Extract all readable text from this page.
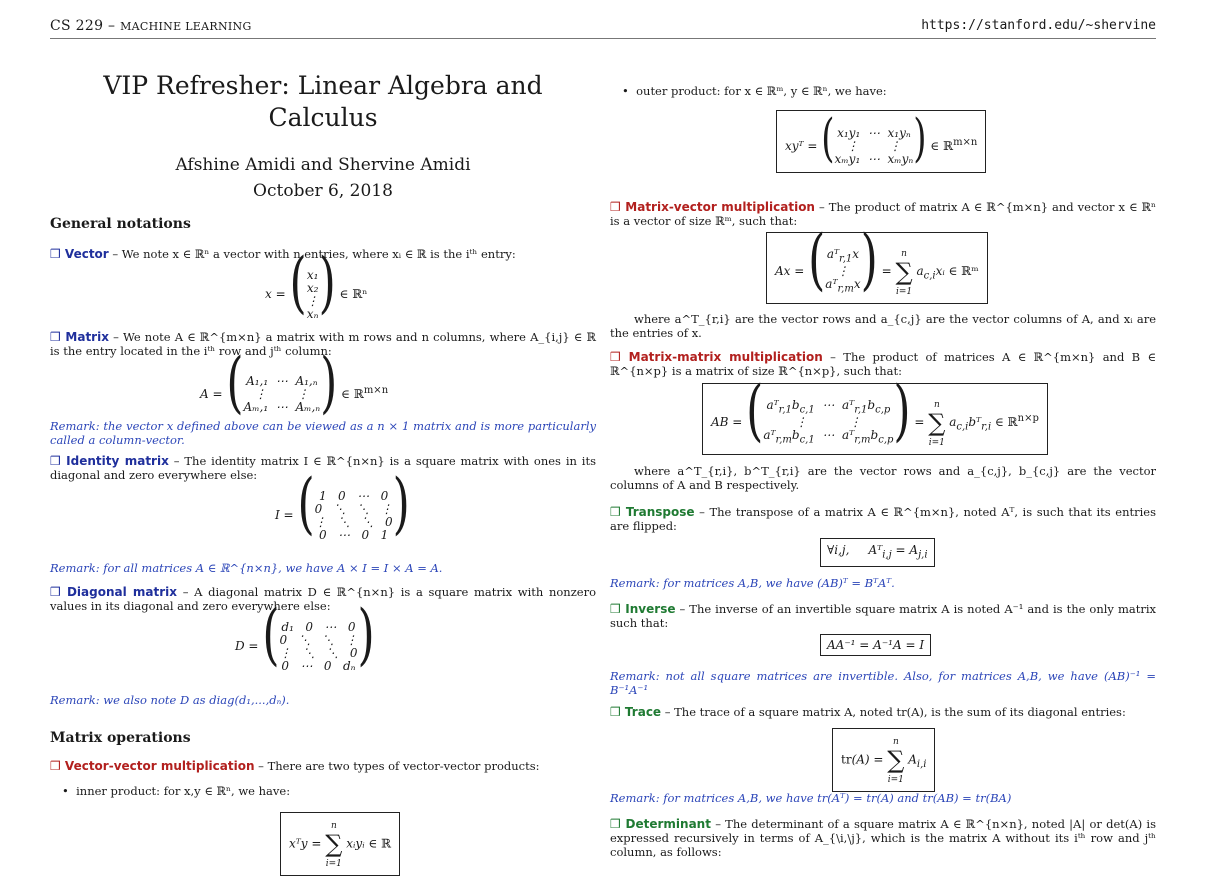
CS 229 – MACHINE LEARNING	https://stanford.edu/~shervine
VIP Refresher: Linear Algebra and Calculus
Afshine Amidi and Shervine Amidi
October 6, 2018
General notations
❒ Vector – We note x ∈ ℝⁿ a vector with n entries, where xᵢ ∈ ℝ is the iᵗʰ entry:
x = (x₁
x₂
⋮
xₙ) ∈ ℝⁿ
❒ Matrix – We note A ∈ ℝ^{m×n} a matrix with m rows and n columns, where A_{i,j} ∈ ℝ is the entry located in the iᵗʰ row and jᵗʰ column:
A = ( A₁,₁  ⋯  A₁,ₙ
⋮        ⋮
Aₘ,₁  ⋯  Aₘ,ₙ) ∈ ℝ$^{m\times n}$
Remark: the vector x defined above can be viewed as a n × 1 matrix and is more particularly called a column-vector.
❒ Identity matrix – The identity matrix I ∈ ℝ^{n×n} is a square matrix with ones in its diagonal and zero everywhere else:
I = ( 1   0   ⋯   0
0   ⋱   ⋱   ⋮
⋮   ⋱   ⋱   0
0   ⋯   0   1)
Remark: for all matrices A ∈ ℝ^{n×n}, we have A × I = I × A = A.
❒ Diagonal matrix – A diagonal matrix D ∈ ℝ^{n×n} is a square matrix with nonzero values in its diagonal and zero everywhere else:
D = ( d₁   0   ⋯   0
0   ⋱   ⋱   ⋮
⋮   ⋱   ⋱   0
0   ⋯   0   dₙ)
Remark: we also note D as diag(d₁,...,dₙ).
Matrix operations
❒ Vector-vector multiplication – There are two types of vector-vector products:
•  inner product: for x,y ∈ ℝⁿ, we have:
xᵀy = n
∑
i=1 xᵢyᵢ ∈ ℝ
•  outer product: for x ∈ ℝᵐ, y ∈ ℝⁿ, we have:
xyᵀ = ( x₁y₁  ⋯  x₁yₙ
⋮        ⋮
xₘy₁  ⋯  xₘyₙ) ∈ ℝ$^{m\times n}$
❒ Matrix-vector multiplication – The product of matrix A ∈ ℝ^{m×n} and vector x ∈ ℝⁿ is a vector of size ℝᵐ, such that:
Ax = ( aᵀ$_{r,1}$x
⋮
aᵀ$_{r,m}$x) = n
∑
i=1 $a_{c,i}xᵢ$ ∈ ℝᵐ
where a^T_{r,i} are the vector rows and a_{c,j} are the vector columns of A, and xᵢ are the entries of x.
❒ Matrix-matrix multiplication – The product of matrices A ∈ ℝ^{m×n} and B ∈ ℝ^{n×p} is a matrix of size ℝ^{n×p}, such that:
AB = ( $aᵀ_{r,1}b_{c,1}$  ⋯  $aᵀ_{r,1}b_{c,p}$
⋮           ⋮
$aᵀ_{r,m}b_{c,1}$  ⋯  $aᵀ_{r,m}b_{c,p}) = n$
∑
i=1 $a_{c,i}bᵀ_{r,i}$ ∈ ℝ$^{n\times p}$
where a^T_{r,i}, b^T_{r,i} are the vector rows and a_{c,j}, b_{c,j} are the vector columns of A and B respectively.
❒ Transpose – The transpose of a matrix A ∈ ℝ^{m×n}, noted Aᵀ, is such that its entries are flipped:
∀i,j,     Aᵀ$_{i,j}$ = $A_{j,i}$
Remark: for matrices A,B, we have (AB)ᵀ = BᵀAᵀ.
❒ Inverse – The inverse of an invertible square matrix A is noted A⁻¹ and is the only matrix such that:
AA⁻¹ = A⁻¹A = I
Remark: not all square matrices are invertible. Also, for matrices A,B, we have (AB)⁻¹ = B⁻¹A⁻¹
❒ Trace – The trace of a square matrix A, noted tr(A), is the sum of its diagonal entries:
tr(A) = n
∑
i=1 $A_{i,i}$
Remark: for matrices A,B, we have tr(Aᵀ) = tr(A) and tr(AB) = tr(BA)
❒ Determinant – The determinant of a square matrix A ∈ ℝ^{n×n}, noted |A| or det(A) is expressed recursively in terms of A_{\i,\j}, which is the matrix A without its iᵗʰ row and jᵗʰ column, as follows:
